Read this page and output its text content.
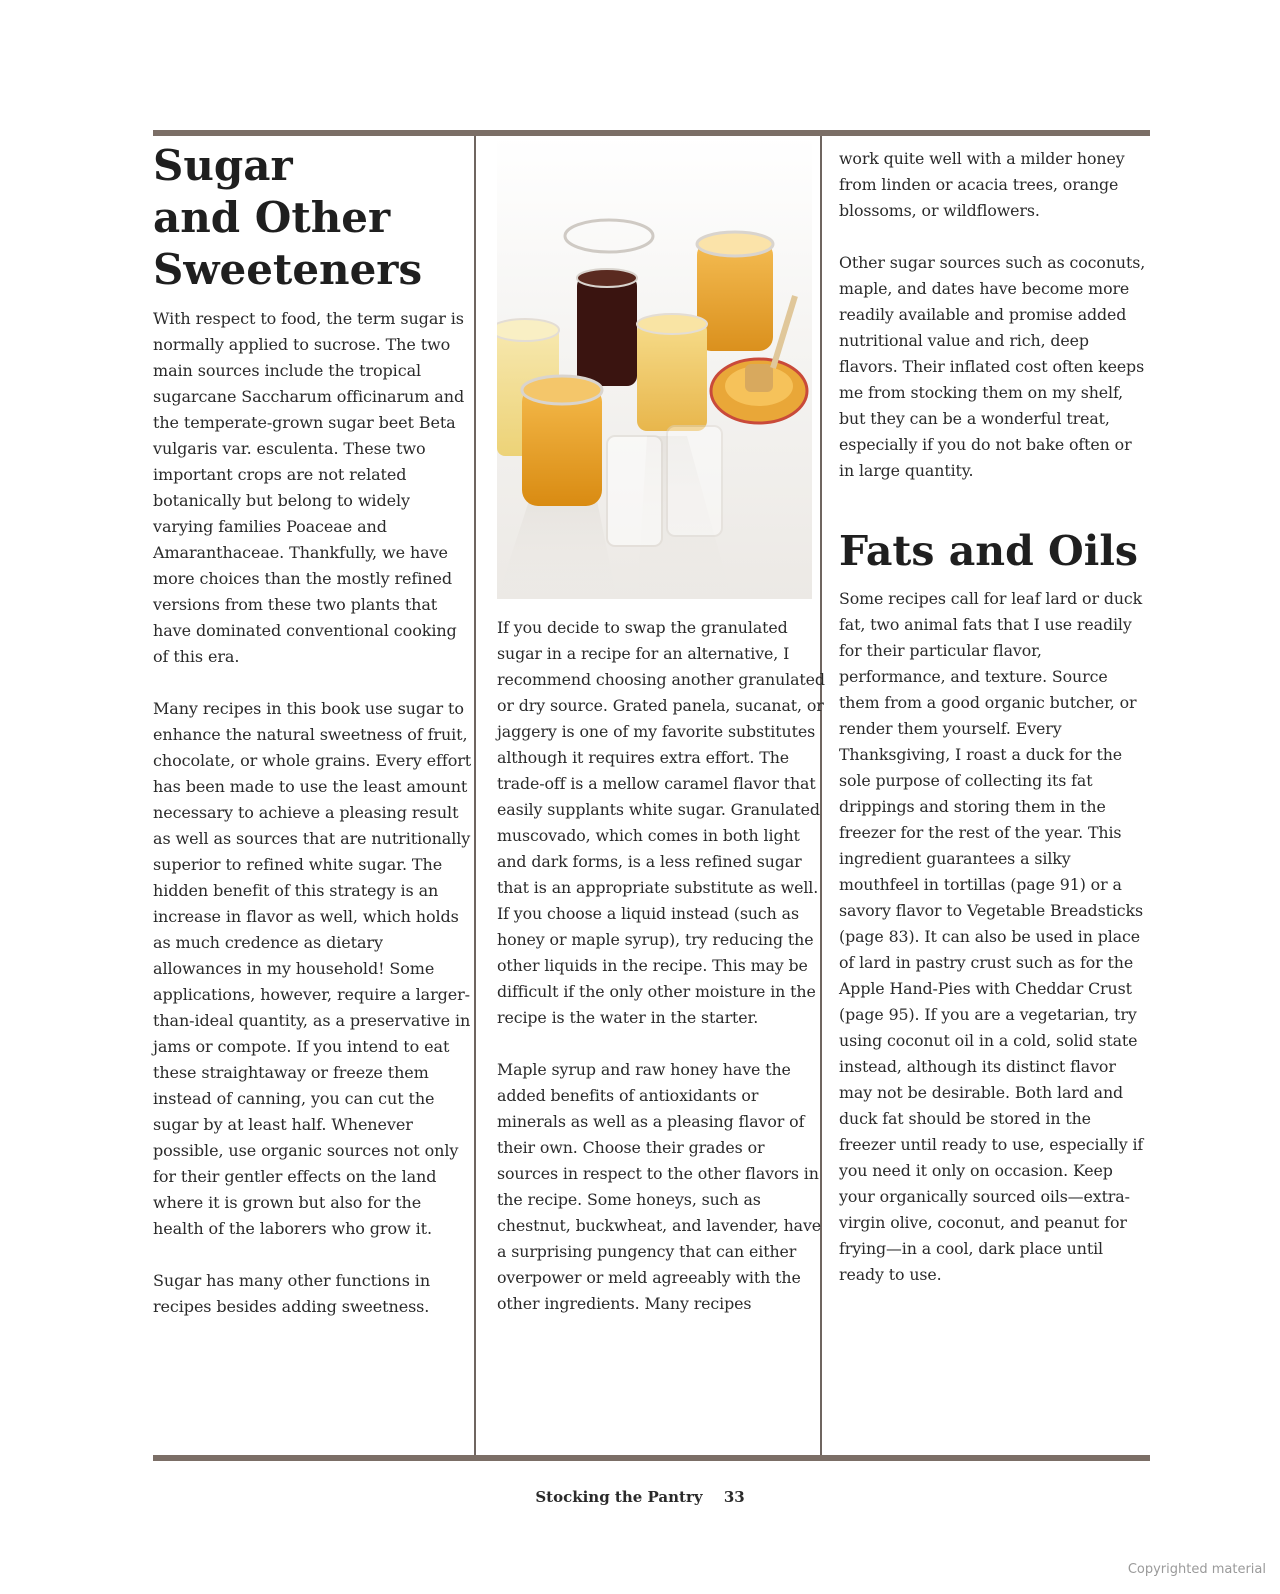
Sugar
and Other
Sweeteners

With respect to food, the term sugar is normally applied to sucrose. The two main sources include the tropical sugarcane Saccharum officinarum and the temperate-grown sugar beet Beta vulgaris var. esculenta. These two important crops are not related botanically but belong to widely varying families Poaceae and Amaranthaceae. Thankfully, we have more choices than the mostly refined versions from these two plants that have dominated conventional cooking of this era.

Many recipes in this book use sugar to enhance the natural sweetness of fruit, chocolate, or whole grains. Every effort has been made to use the least amount necessary to achieve a pleasing result as well as sources that are nutritionally superior to refined white sugar. The hidden benefit of this strategy is an increase in flavor as well, which holds as much credence as dietary allowances in my household! Some applications, however, require a larger-than-ideal quantity, as a preservative in jams or compote. If you intend to eat these straightaway or freeze them instead of canning, you can cut the sugar by at least half. Whenever possible, use organic sources not only for their gentler effects on the land where it is grown but also for the health of the laborers who grow it.

Sugar has many other functions in recipes besides adding sweetness.

If you decide to swap the granulated sugar in a recipe for an alternative, I recommend choosing another granulated or dry source. Grated panela, sucanat, or jaggery is one of my favorite substitutes although it requires extra effort. The trade-off is a mellow caramel flavor that easily supplants white sugar. Granulated muscovado, which comes in both light and dark forms, is a less refined sugar that is an appropriate substitute as well. If you choose a liquid instead (such as honey or maple syrup), try reducing the other liquids in the recipe. This may be difficult if the only other moisture in the recipe is the water in the starter.

Maple syrup and raw honey have the added benefits of antioxidants or minerals as well as a pleasing flavor of their own. Choose their grades or sources in respect to the other flavors in the recipe. Some honeys, such as chestnut, buckwheat, and lavender, have a surprising pungency that can either overpower or meld agreeably with the other ingredients. Many recipes

work quite well with a milder honey from linden or acacia trees, orange blossoms, or wildflowers.

Other sugar sources such as coconuts, maple, and dates have become more readily available and promise added nutritional value and rich, deep flavors. Their inflated cost often keeps me from stocking them on my shelf, but they can be a wonderful treat, especially if you do not bake often or in large quantity.

Fats and Oils

Some recipes call for leaf lard or duck fat, two animal fats that I use readily for their particular flavor, performance, and texture. Source them from a good organic butcher, or render them yourself. Every Thanksgiving, I roast a duck for the sole purpose of collecting its fat drippings and storing them in the freezer for the rest of the year. This ingredient guarantees a silky mouthfeel in tortillas (page 91) or a savory flavor to Vegetable Breadsticks (page 83). It can also be used in place of lard in pastry crust such as for the Apple Hand-Pies with Cheddar Crust (page 95). If you are a vegetarian, try using coconut oil in a cold, solid state instead, although its distinct flavor may not be desirable. Both lard and duck fat should be stored in the freezer until ready to use, especially if you need it only on occasion. Keep your organically sourced oils—extra-virgin olive, coconut, and peanut for frying—in a cool, dark place until ready to use.

Stocking the Pantry 33
Copyrighted material
